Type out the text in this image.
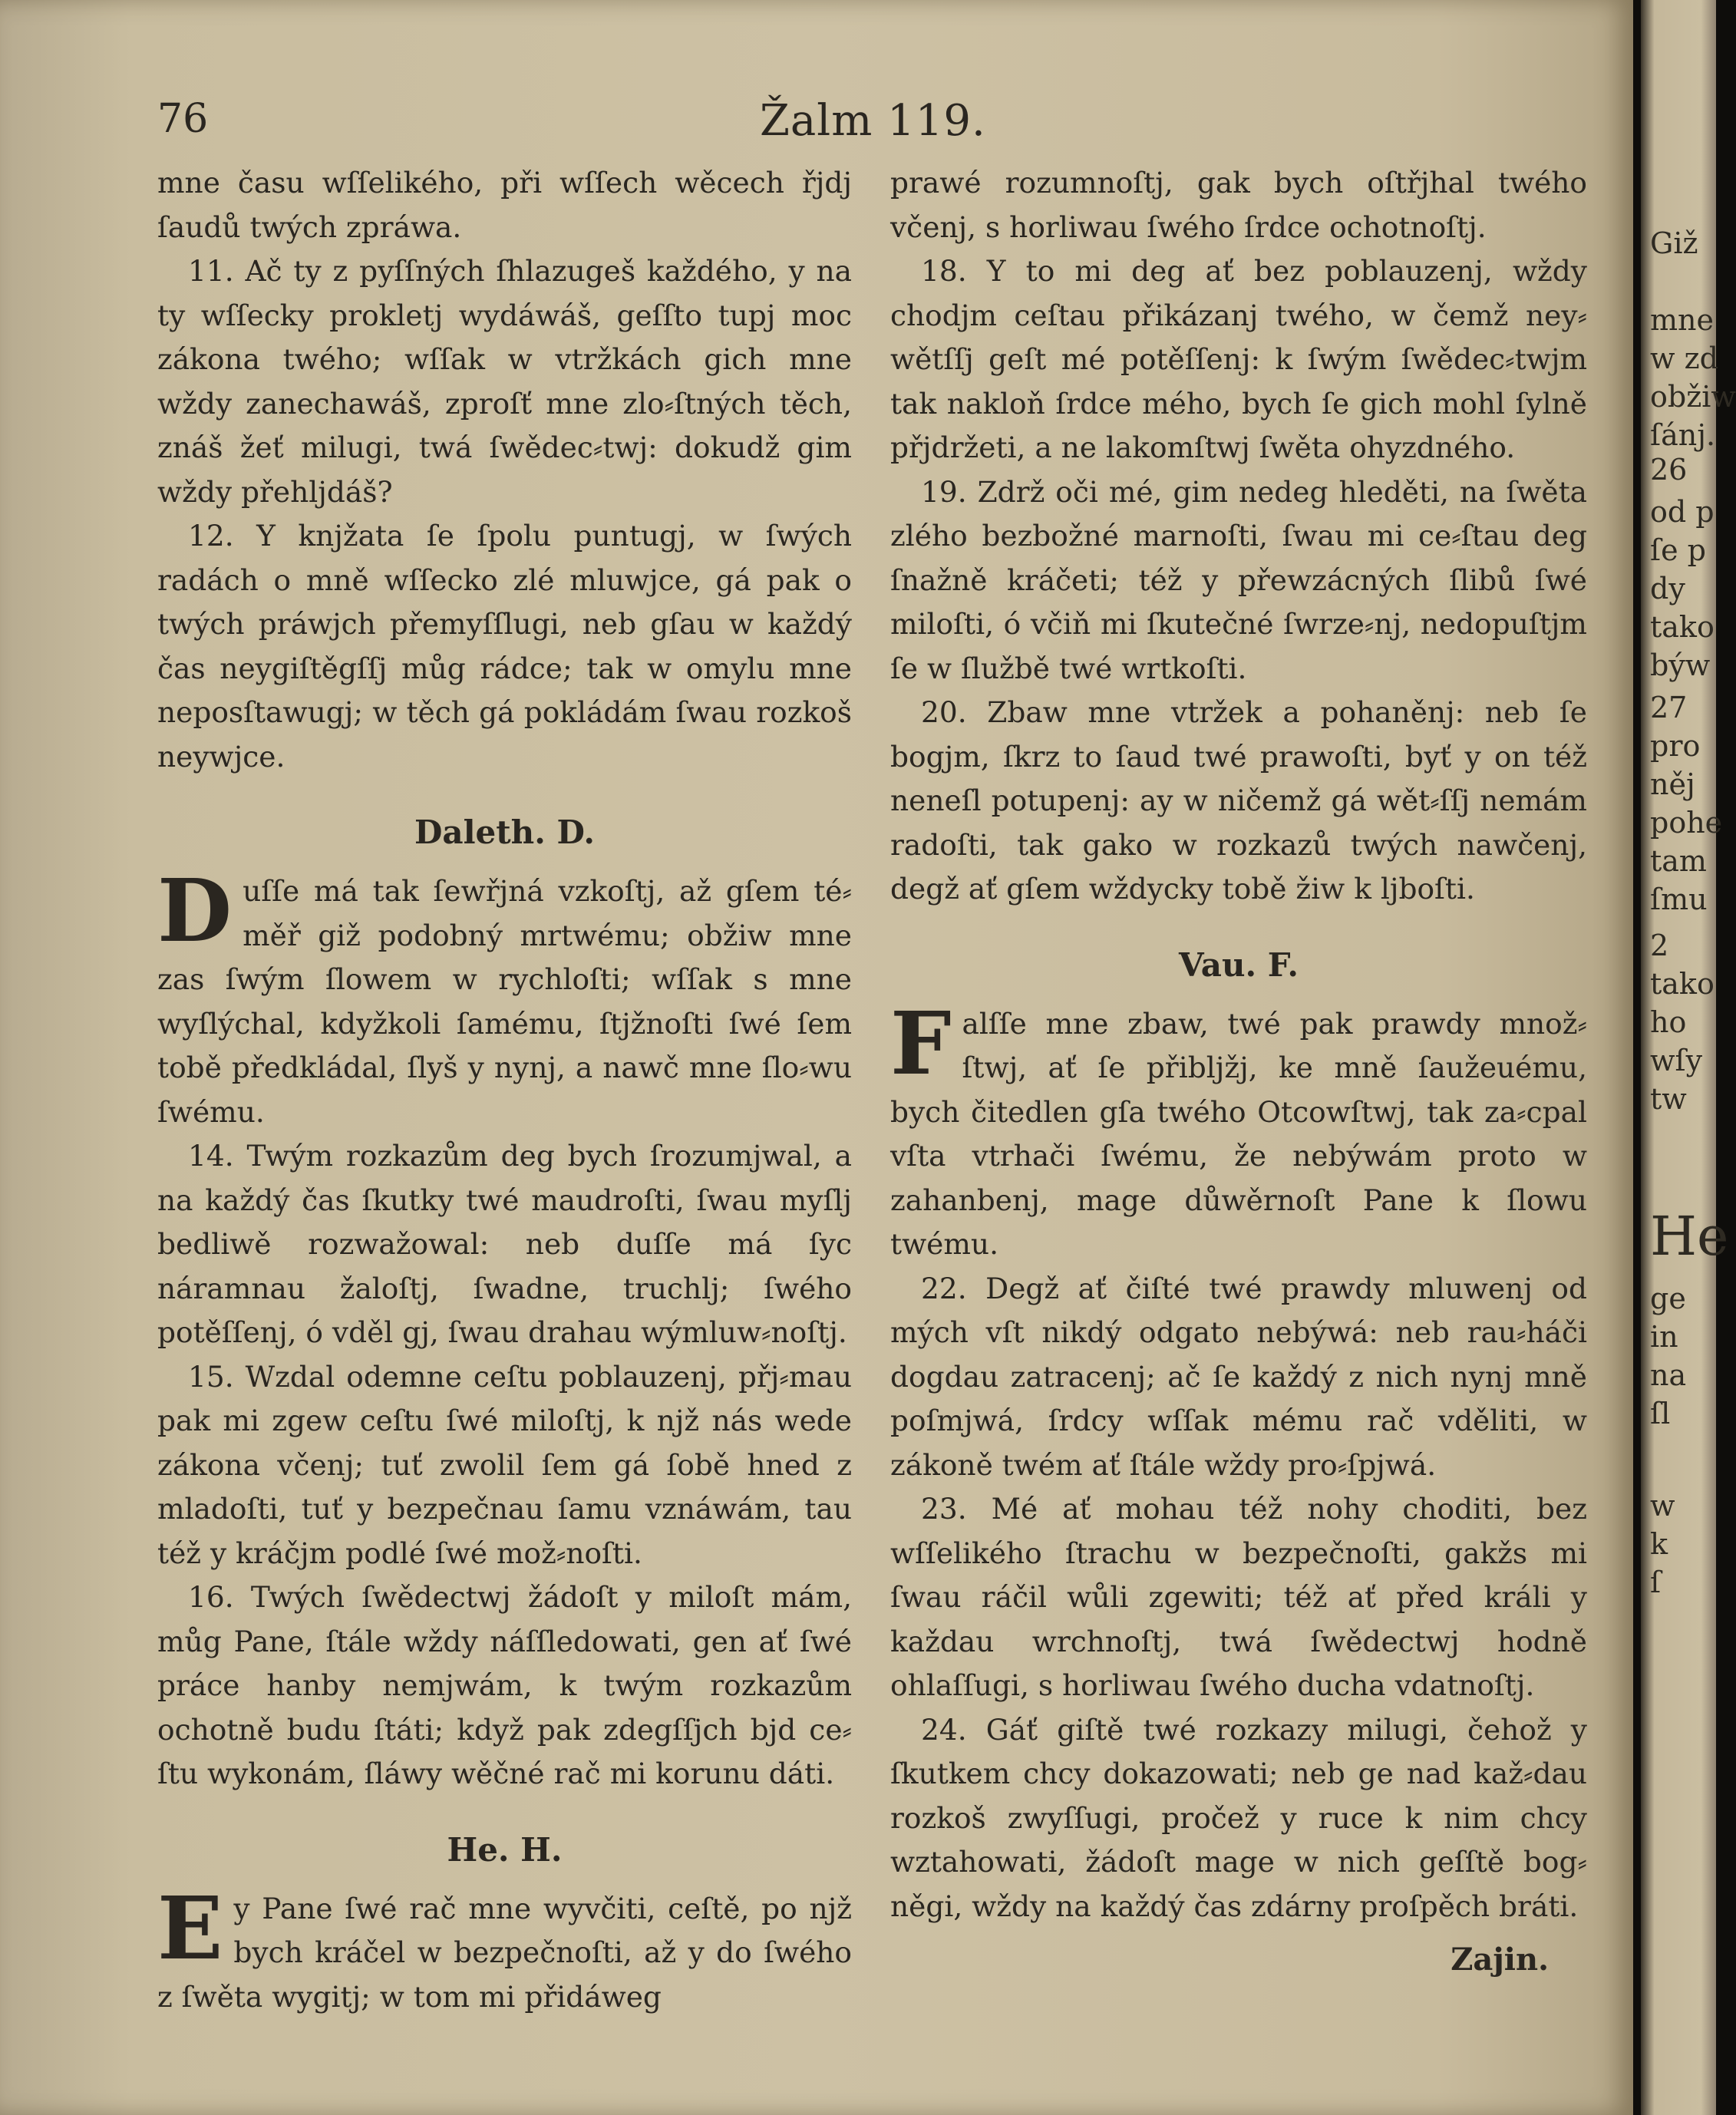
76	Žalm 119.

mne času wſſelikého, při wſſech wěcech řjdj ſaudů twých zpráwa.

11. Ač ty z pyſſných ſhlazugeš každého, y na ty wſſecky prokletj wydáwáš, geſſto tupj moc zákona twého; wſſak w vtržkách gich mne wždy zanechawáš, zproſť mne zlo⸗ſtných těch, znáš žeť milugi, twá ſwědec⸗twj: dokudž gim wždy přehljdáš?

12. Y knjžata ſe ſpolu puntugj, w ſwých radách o mně wſſecko zlé mluwjce, gá pak o twých práwjch přemyſſlugi, neb gſau w každý čas neygiſtěgſſj můg rádce; tak w omylu mne neposſtawugj; w těch gá pokládám ſwau rozkoš neywjce.

Daleth. D.

Duſſe má tak ſewřjná vzkoſtj, až gſem té⸗měř giž podobný mrtwému; obžiw mne zas ſwým ſlowem w rychloſti; wſſak s mne wyſlýchal, kdyžkoli ſamému, ſtjžnoſti ſwé ſem tobě předkládal, ſlyš y nynj, a nawč mne ſlo⸗wu ſwému.

14. Twým rozkazům deg bych ſrozumjwal, a na každý čas ſkutky twé maudroſti, ſwau myſlj bedliwě rozwažowal: neb duſſe má ſyc náramnau žaloſtj, ſwadne, truchlj; ſwého potěſſenj, ó vděl gj, ſwau drahau wýmluw⸗noſtj.

15. Wzdal odemne ceſtu poblauzenj, přj⸗mau pak mi zgew ceſtu ſwé miloſtj, k njž nás wede zákona včenj; tuť zwolil ſem gá ſobě hned z mladoſti, tuť y bezpečnau ſamu vznáwám, tau též y kráčjm podlé ſwé mož⸗noſti.

16. Twých ſwědectwj žádoſt y miloſt mám, můg Pane, ſtále wždy náſſledowati, gen ať ſwé práce hanby nemjwám, k twým rozkazům ochotně budu ſtáti; když pak zdegſſjch bjd ce⸗ſtu wykonám, ſláwy wěčné rač mi korunu dáti.

He. H.

Ey Pane ſwé rač mne wyvčiti, ceſtě, po njž bych kráčel w bezpečnoſti, až y do ſwého z ſwěta wygitj; w tom mi přidáweg

prawé rozumnoſtj, gak bych oſtřjhal twého včenj, s horliwau ſwého ſrdce ochotnoſtj.

18. Y to mi deg ať bez poblauzenj, wždy chodjm ceſtau přikázanj twého, w čemž ney⸗wětſſj geſt mé potěſſenj: k ſwým ſwědec⸗twjm tak nakloň ſrdce mého, bych ſe gich mohl ſylně přjdržeti, a ne lakomſtwj ſwěta ohyzdného.

19. Zdrž oči mé, gim nedeg hleděti, na ſwěta zlého bezbožné marnoſti, ſwau mi ce⸗ſtau deg ſnažně kráčeti; též y přewzácných ſlibů ſwé miloſti, ó včiň mi ſkutečné ſwrze⸗nj, nedopuſtjm ſe w ſlužbě twé wrtkoſti.

20. Zbaw mne vtržek a pohaněnj: neb ſe bogjm, ſkrz to ſaud twé prawoſti, byť y on též neneſl potupenj: ay w ničemž gá wět⸗ſſj nemám radoſti, tak gako w rozkazů twých nawčenj, degž ať gſem wždycky tobě žiw k ljboſti.

Vau. F.

Falſſe mne zbaw, twé pak prawdy množ⸗ſtwj, ať ſe přibljžj, ke mně ſaužeuému, bych čitedlen gſa twého Otcowſtwj, tak za⸗cpal vſta vtrhači ſwému, že nebýwám proto w zahanbenj, mage důwěrnoſt Pane k ſlowu twému.

22. Degž ať čiſté twé prawdy mluwenj od mých vſt nikdý odgato nebýwá: neb rau⸗háči dogdau zatracenj; ač ſe každý z nich nynj mně poſmjwá, ſrdcy wſſak mému rač vděliti, w zákoně twém ať ſtále wždy pro⸗ſpjwá.

23. Mé ať mohau též nohy choditi, bez wſſelikého ſtrachu w bezpečnoſti, gakžs mi ſwau ráčil wůli zgewiti; též ať před králi y každau wrchnoſtj, twá ſwědectwj hodně ohlaſſugi, s horliwau ſwého ducha vdatnoſtj.

24. Gáť giſtě twé rozkazy milugi, čehož y ſkutkem chcy dokazowati; neb ge nad kaž⸗dau rozkoš zwyſſugi, pročež y ruce k nim chcy wztahowati, žádoſt mage w nich geſſtě bog⸗něgi, wždy na každý čas zdárny proſpěch bráti.

Zajin.
Giž
mne
w zd
obžiw
ſánj.
26
od p
ſe p
dy
tako
býw
27
pro
něj
pohe
tam
ſmu
2
tako
ho
wſy
tw
He
ge
in
na
ſl
w
k
ſ
